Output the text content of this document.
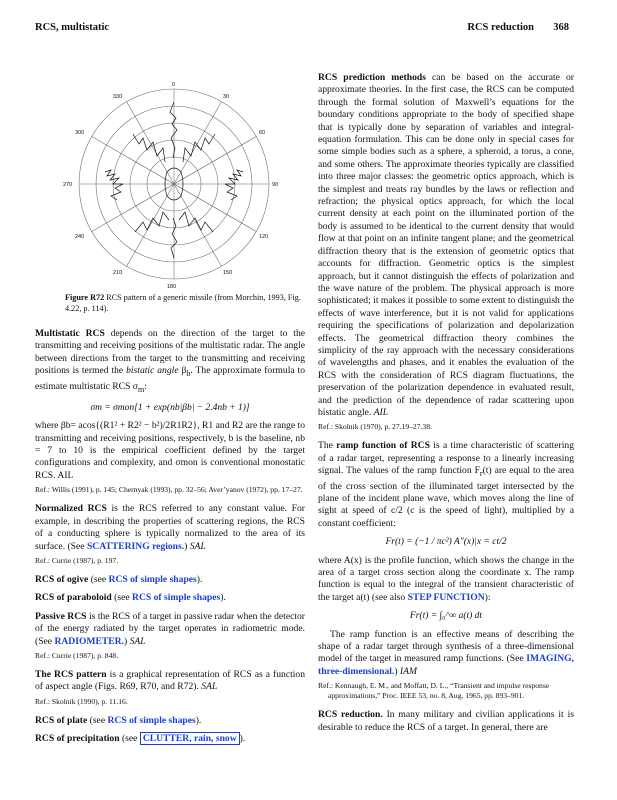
RCS, multistatic	RCS reduction 368
0
30
60
90
120
150
180
210
240
270
300
330
Figure R72 RCS pattern of a generic missile (from Morchin, 1993, Fig. 4.22, p. 114).

Multistatic RCS depends on the direction of the target to the transmitting and receiving positions of the multistatic radar. The angle between directions from the target to the transmitting and receiving positions is termed the bistatic angle $\beta_b$. The approximate formula to estimate multistatic RCS $\sigma_m$:

σm = σmon[1 + exp(nb|βb| − 2.4nb + 1)]

where βb= acos{(R1² + R2² − b²)/2R1R2}, R1 and R2 are the range to transmitting and receiving positions, respectively, b is the baseline, nb = 7 to 10 is the empirical coefficient defined by the target configurations and complexity, and σmon is conventional monostatic RCS. AIL

Ref.: Willis (1991), p. 145; Chernyak (1993), pp. 32–56; Aver’yanov (1972), pp. 17–27.

Normalized RCS is the RCS referred to any constant value. For example, in describing the properties of scattering regions, the RCS of a conducting sphere is typically normalized to the area of its surface. (See SCATTERING regions.) SAL

Ref.: Currie (1987), p. 197.

RCS of ogive (see RCS of simple shapes).

RCS of paraboloid (see RCS of simple shapes).

Passive RCS is the RCS of a target in passive radar when the detector of the energy radiated by the target operates in radiometric mode. (See RADIOMETER.) SAL

Ref.: Currie (1987), p. 848.

The RCS pattern is a graphical representation of RCS as a function of aspect angle (Figs. R69, R70, and R72). SAL

Ref.: Skolnik (1990), p. 11.16.

RCS of plate (see RCS of simple shapes).

RCS of precipitation (see CLUTTER, rain, snow ).

RCS prediction methods can be based on the accurate or approximate theories. In the first case, the RCS can be computed through the formal solution of Maxwell’s equations for the boundary conditions appropriate to the body of specified shape that is typically done by separation of variables and integral-equation formulation. This can be done only in special cases for some simple bodies such as a sphere, a spheroid, a torus, a cone, and some others. The approximate theories typically are classified into three major classes: the geometric optics approach, which is the simplest and treats ray bundles by the laws or reflection and refraction; the physical optics approach, for which the local current density at each point on the illuminated portion of the body is assumed to be identical to the current density that would flow at that point on an infinite tangent plane; and the geometrical diffraction theory that is the extension of geometric optics that accounts for diffraction. Geometric optics is the simplest approach, but it cannot distinguish the effects of polarization and the wave nature of the problem. The physical approach is more sophisticated; it makes it possible to some extent to distinguish the effects of wave interference, but it is not valid for applications requiring the specifications of polarization and depolarization effects. The geometrical diffraction theory combines the simplicity of the ray approach with the necessary considerations of wavelengths and phases, and it enables the evaluation of the RCS with the consideration of RCS diagram fluctuations, the preservation of the polarization dependence in evaluated result, and the prediction of the dependence of radar scattering upon bistatic angle. AIL

Ref.: Skolnik (1970), p. 27.19–27.38.

The ramp function of RCS is a time characteristic of scattering of a radar target, representing a response to a linearly increasing signal. The values of the ramp function $F_r(t)$ are equal to the area of the cross section of the illuminated target intersected by the plane of the incident plane wave, which moves along the line of sight at speed of c/2 (c is the speed of light), multiplied by a constant coefficient:

Fr(t) = (−1 / πc²) A″(x)|x = ct/2

where A(x) is the profile function, which shows the change in the area of a target cross section along the coordinate x. The ramp function is equal to the integral of the transient characteristic of the target a(t) (see also STEP FUNCTION):

Fr(t) = ∫₀^∞ a(t) dt

The ramp function is an effective means of describing the shape of a radar target through synthesis of a three-dimensional model of the target in measured ramp functions. (See IMAGING, three-dimensional.) IAM

Ref.: Kennaugh, E. M., and Moffatt, D. L., “Transient and impulse response approximations,” Proc. IEEE 53, no. 8, Aug. 1965, pp. 893–901.

RCS reduction. In many military and civilian applications it is desirable to reduce the RCS of a target. In general, there are
